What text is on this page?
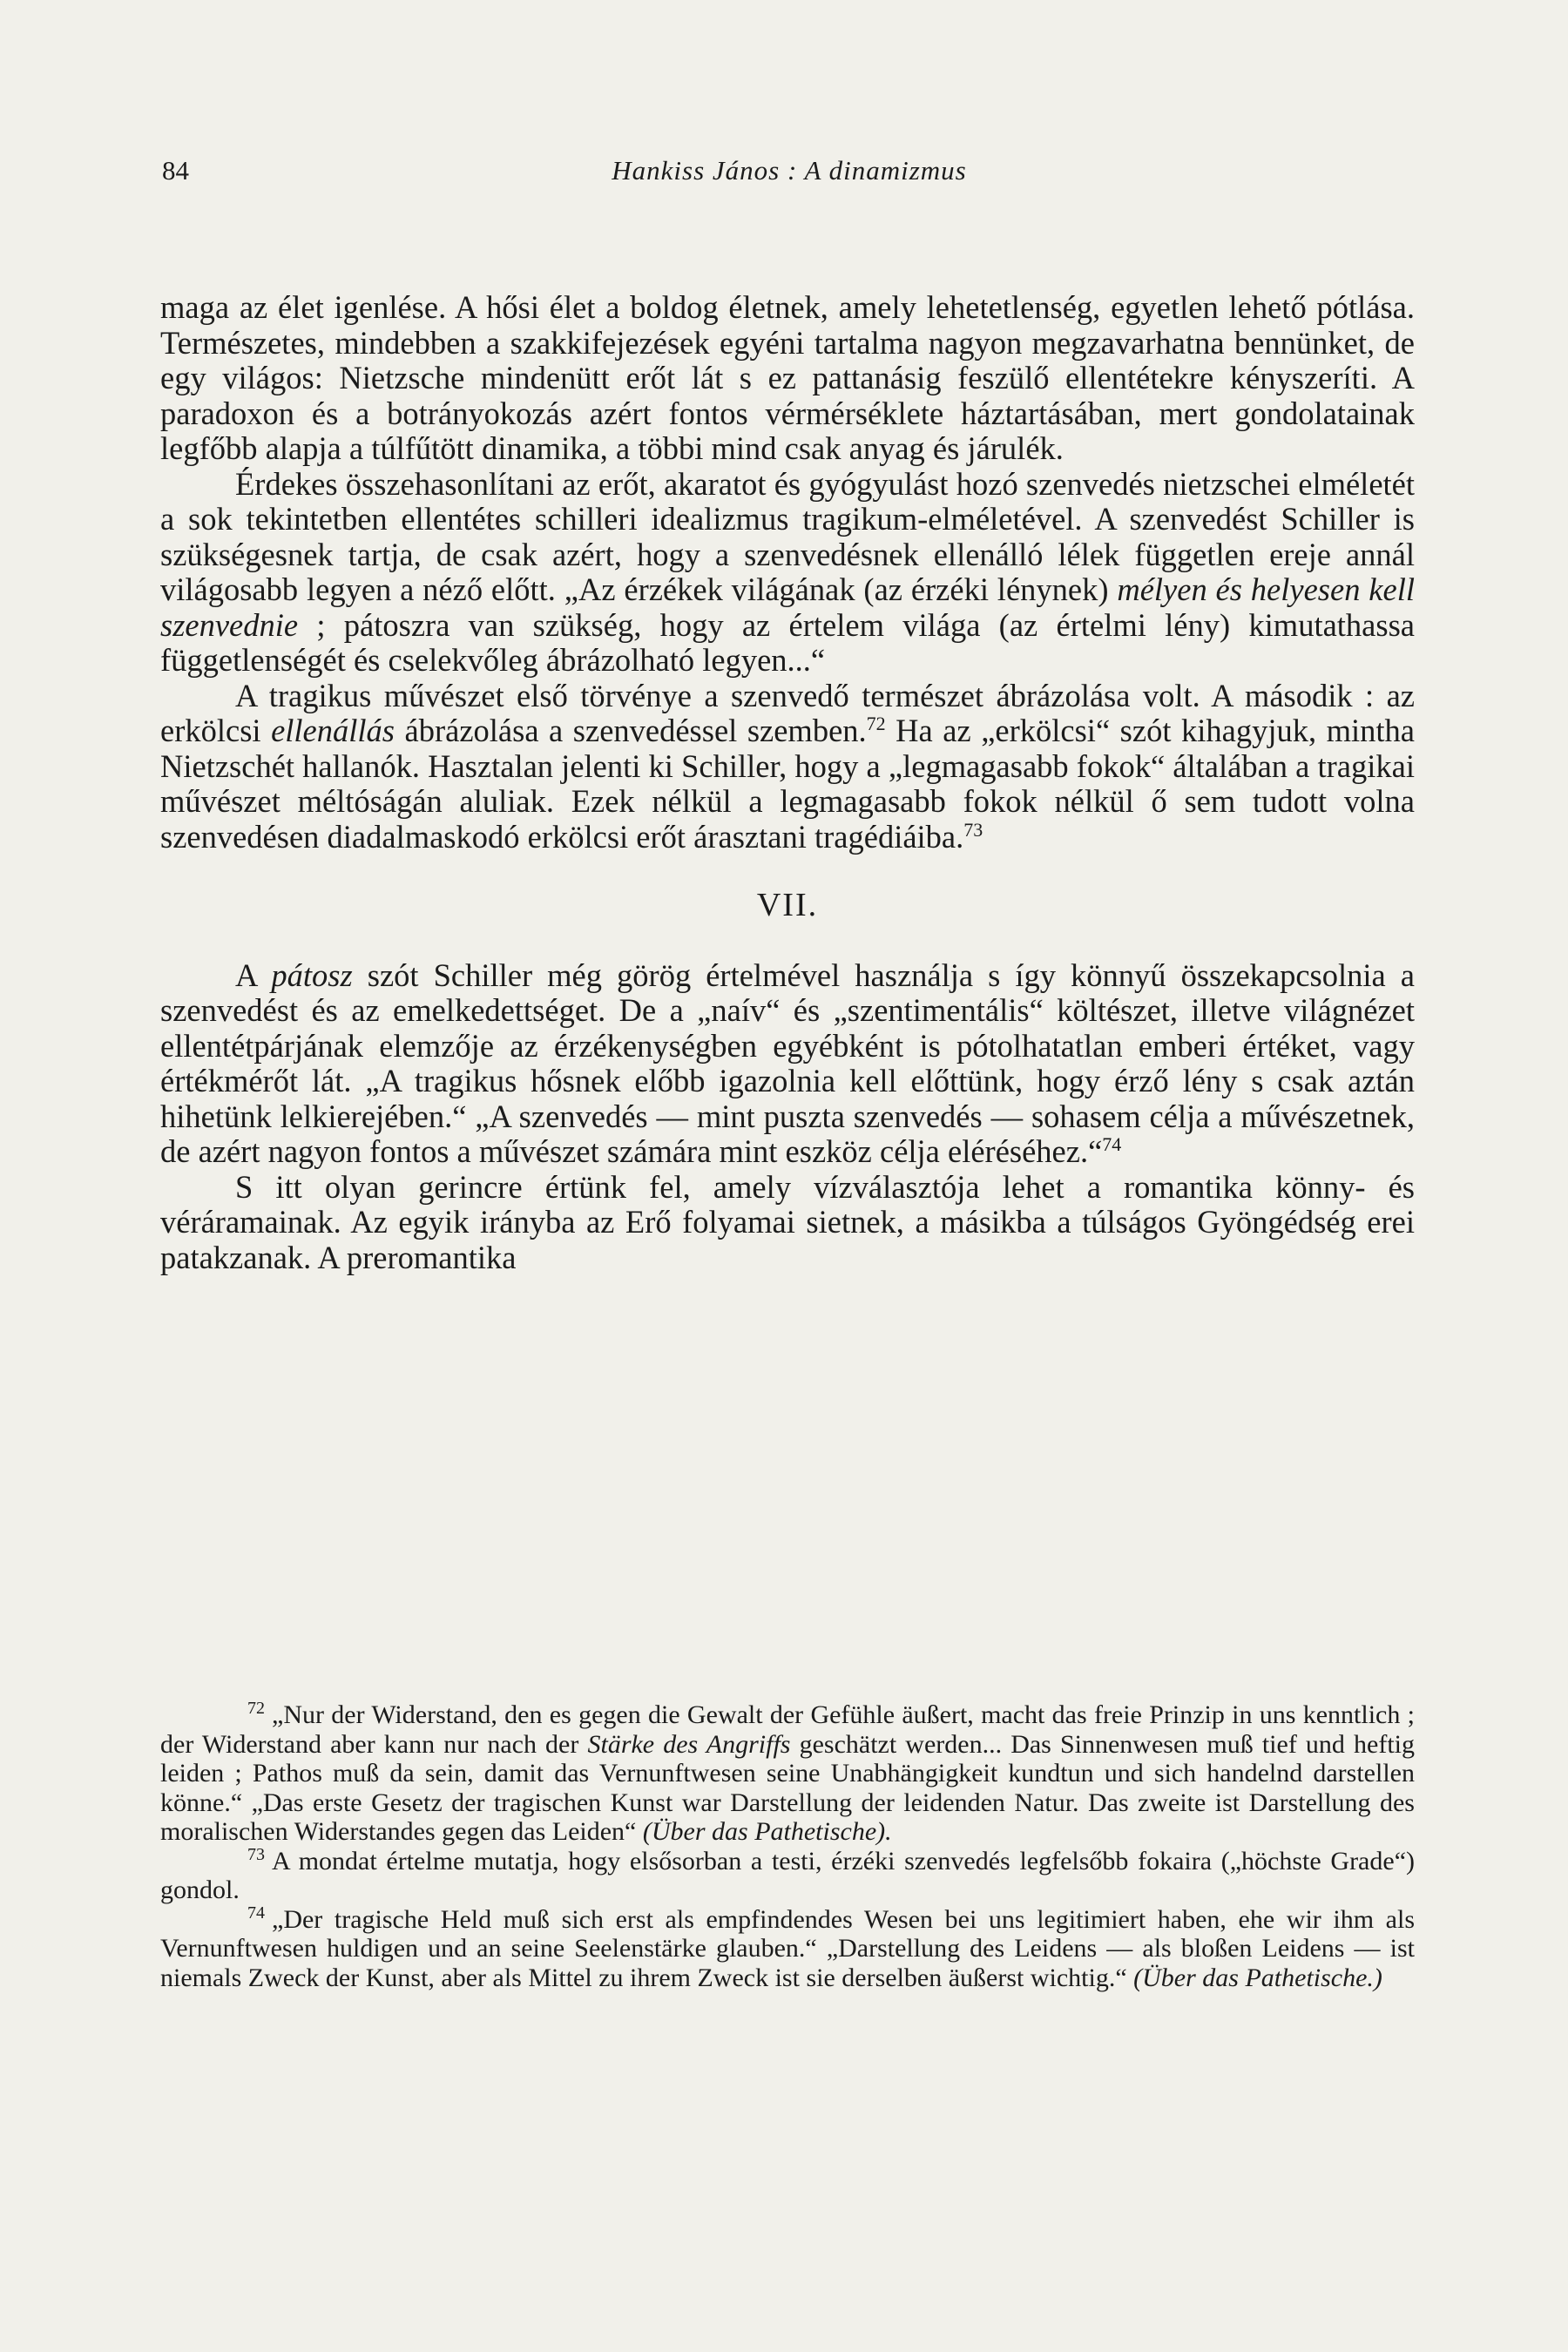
84	Hankiss János : A dinamizmus

maga az élet igenlése. A hősi élet a boldog életnek, amely lehetetlenség, egyetlen lehető pótlása. Természetes, mindebben a szakkifejezések egyéni tartalma nagyon megzavarhatna bennünket, de egy világos: Nietzsche mindenütt erőt lát s ez pattanásig feszülő ellentétekre kényszeríti. A paradoxon és a botrányokozás azért fontos vérmérséklete háztartásában, mert gondolatainak legfőbb alapja a túlfűtött dinamika, a többi mind csak anyag és járulék.

Érdekes összehasonlítani az erőt, akaratot és gyógyulást hozó szenvedés nietzschei elméletét a sok tekintetben ellentétes schilleri idealizmus tragikum-elméletével. A szenvedést Schiller is szükségesnek tartja, de csak azért, hogy a szenvedésnek ellenálló lélek független ereje annál világosabb legyen a néző előtt. „Az érzékek világának (az érzéki lénynek) mélyen és helyesen kell szenvednie ; pátoszra van szükség, hogy az értelem világa (az értelmi lény) kimutathassa függetlenségét és cselekvőleg ábrázolható legyen...“

A tragikus művészet első törvénye a szenvedő természet ábrázolása volt. A második : az erkölcsi ellenállás ábrázolása a szenvedéssel szemben.$^{72}$ Ha az „erkölcsi“ szót kihagyjuk, mintha Nietzschét hallanók. Hasztalan jelenti ki Schiller, hogy a „legmagasabb fokok“ általában a tragikai művészet méltóságán aluliak. Ezek nélkül a legmagasabb fokok nélkül ő sem tudott volna szenvedésen diadalmaskodó erkölcsi erőt árasztani tragédiáiba.$^{73}$

VII.

A pátosz szót Schiller még görög értelmével használja s így könnyű összekapcsolnia a szenvedést és az emelkedettséget. De a „naív“ és „szentimentális“ költészet, illetve világnézet ellentétpárjának elemzője az érzékenységben egyébként is pótolhatatlan emberi értéket, vagy értékmérőt lát. „A tragikus hősnek előbb igazolnia kell előttünk, hogy érző lény s csak aztán hihetünk lelkierejében.“ „A szenvedés — mint puszta szenvedés — sohasem célja a művészetnek, de azért nagyon fontos a művészet számára mint eszköz célja eléréséhez.“$^{74}$

S itt olyan gerincre értünk fel, amely vízválasztója lehet a romantika könny- és véráramainak. Az egyik irányba az Erő folyamai sietnek, a másikba a túlságos Gyöngédség erei patakzanak. A preromantika

$^{72}$ „Nur der Widerstand, den es gegen die Gewalt der Gefühle äußert, macht das freie Prinzip in uns kenntlich ; der Widerstand aber kann nur nach der Stärke des Angriffs geschätzt werden... Das Sinnenwesen muß tief und heftig leiden ; Pathos muß da sein, damit das Vernunftwesen seine Unabhängigkeit kundtun und sich handelnd darstellen könne.“ „Das erste Gesetz der tragischen Kunst war Darstellung der leidenden Natur. Das zweite ist Darstellung des moralischen Widerstandes gegen das Leiden“ (Über das Pathetische).

$^{73}$ A mondat értelme mutatja, hogy elsősorban a testi, érzéki szenvedés legfelsőbb fokaira („höchste Grade“) gondol.

$^{74}$ „Der tragische Held muß sich erst als empfindendes Wesen bei uns legitimiert haben, ehe wir ihm als Vernunftwesen huldigen und an seine Seelenstärke glauben.“ „Darstellung des Leidens — als bloßen Leidens — ist niemals Zweck der Kunst, aber als Mittel zu ihrem Zweck ist sie derselben äußerst wichtig.“ (Über das Pathetische.)
